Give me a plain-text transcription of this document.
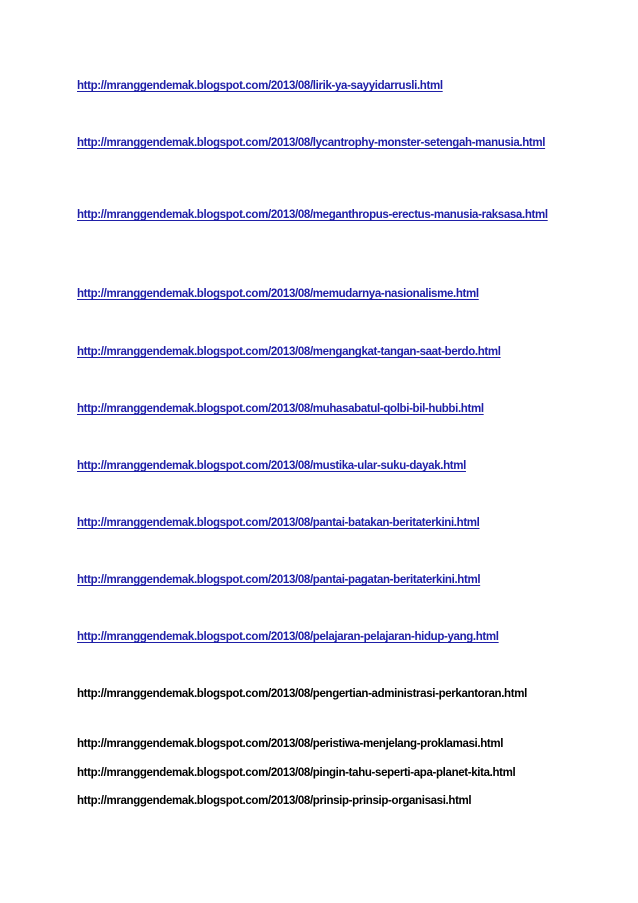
http://mranggendemak.blogspot.com/2013/08/lirik-ya-sayyidarrusli.html
http://mranggendemak.blogspot.com/2013/08/lycantrophy-monster-setengah-manusia.html
http://mranggendemak.blogspot.com/2013/08/meganthropus-erectus-manusia-raksasa.html
http://mranggendemak.blogspot.com/2013/08/memudarnya-nasionalisme.html
http://mranggendemak.blogspot.com/2013/08/mengangkat-tangan-saat-berdo.html
http://mranggendemak.blogspot.com/2013/08/muhasabatul-qolbi-bil-hubbi.html
http://mranggendemak.blogspot.com/2013/08/mustika-ular-suku-dayak.html
http://mranggendemak.blogspot.com/2013/08/pantai-batakan-beritaterkini.html
http://mranggendemak.blogspot.com/2013/08/pantai-pagatan-beritaterkini.html
http://mranggendemak.blogspot.com/2013/08/pelajaran-pelajaran-hidup-yang.html
http://mranggendemak.blogspot.com/2013/08/pengertian-administrasi-perkantoran.html
http://mranggendemak.blogspot.com/2013/08/peristiwa-menjelang-proklamasi.html
http://mranggendemak.blogspot.com/2013/08/pingin-tahu-seperti-apa-planet-kita.html
http://mranggendemak.blogspot.com/2013/08/prinsip-prinsip-organisasi.html
